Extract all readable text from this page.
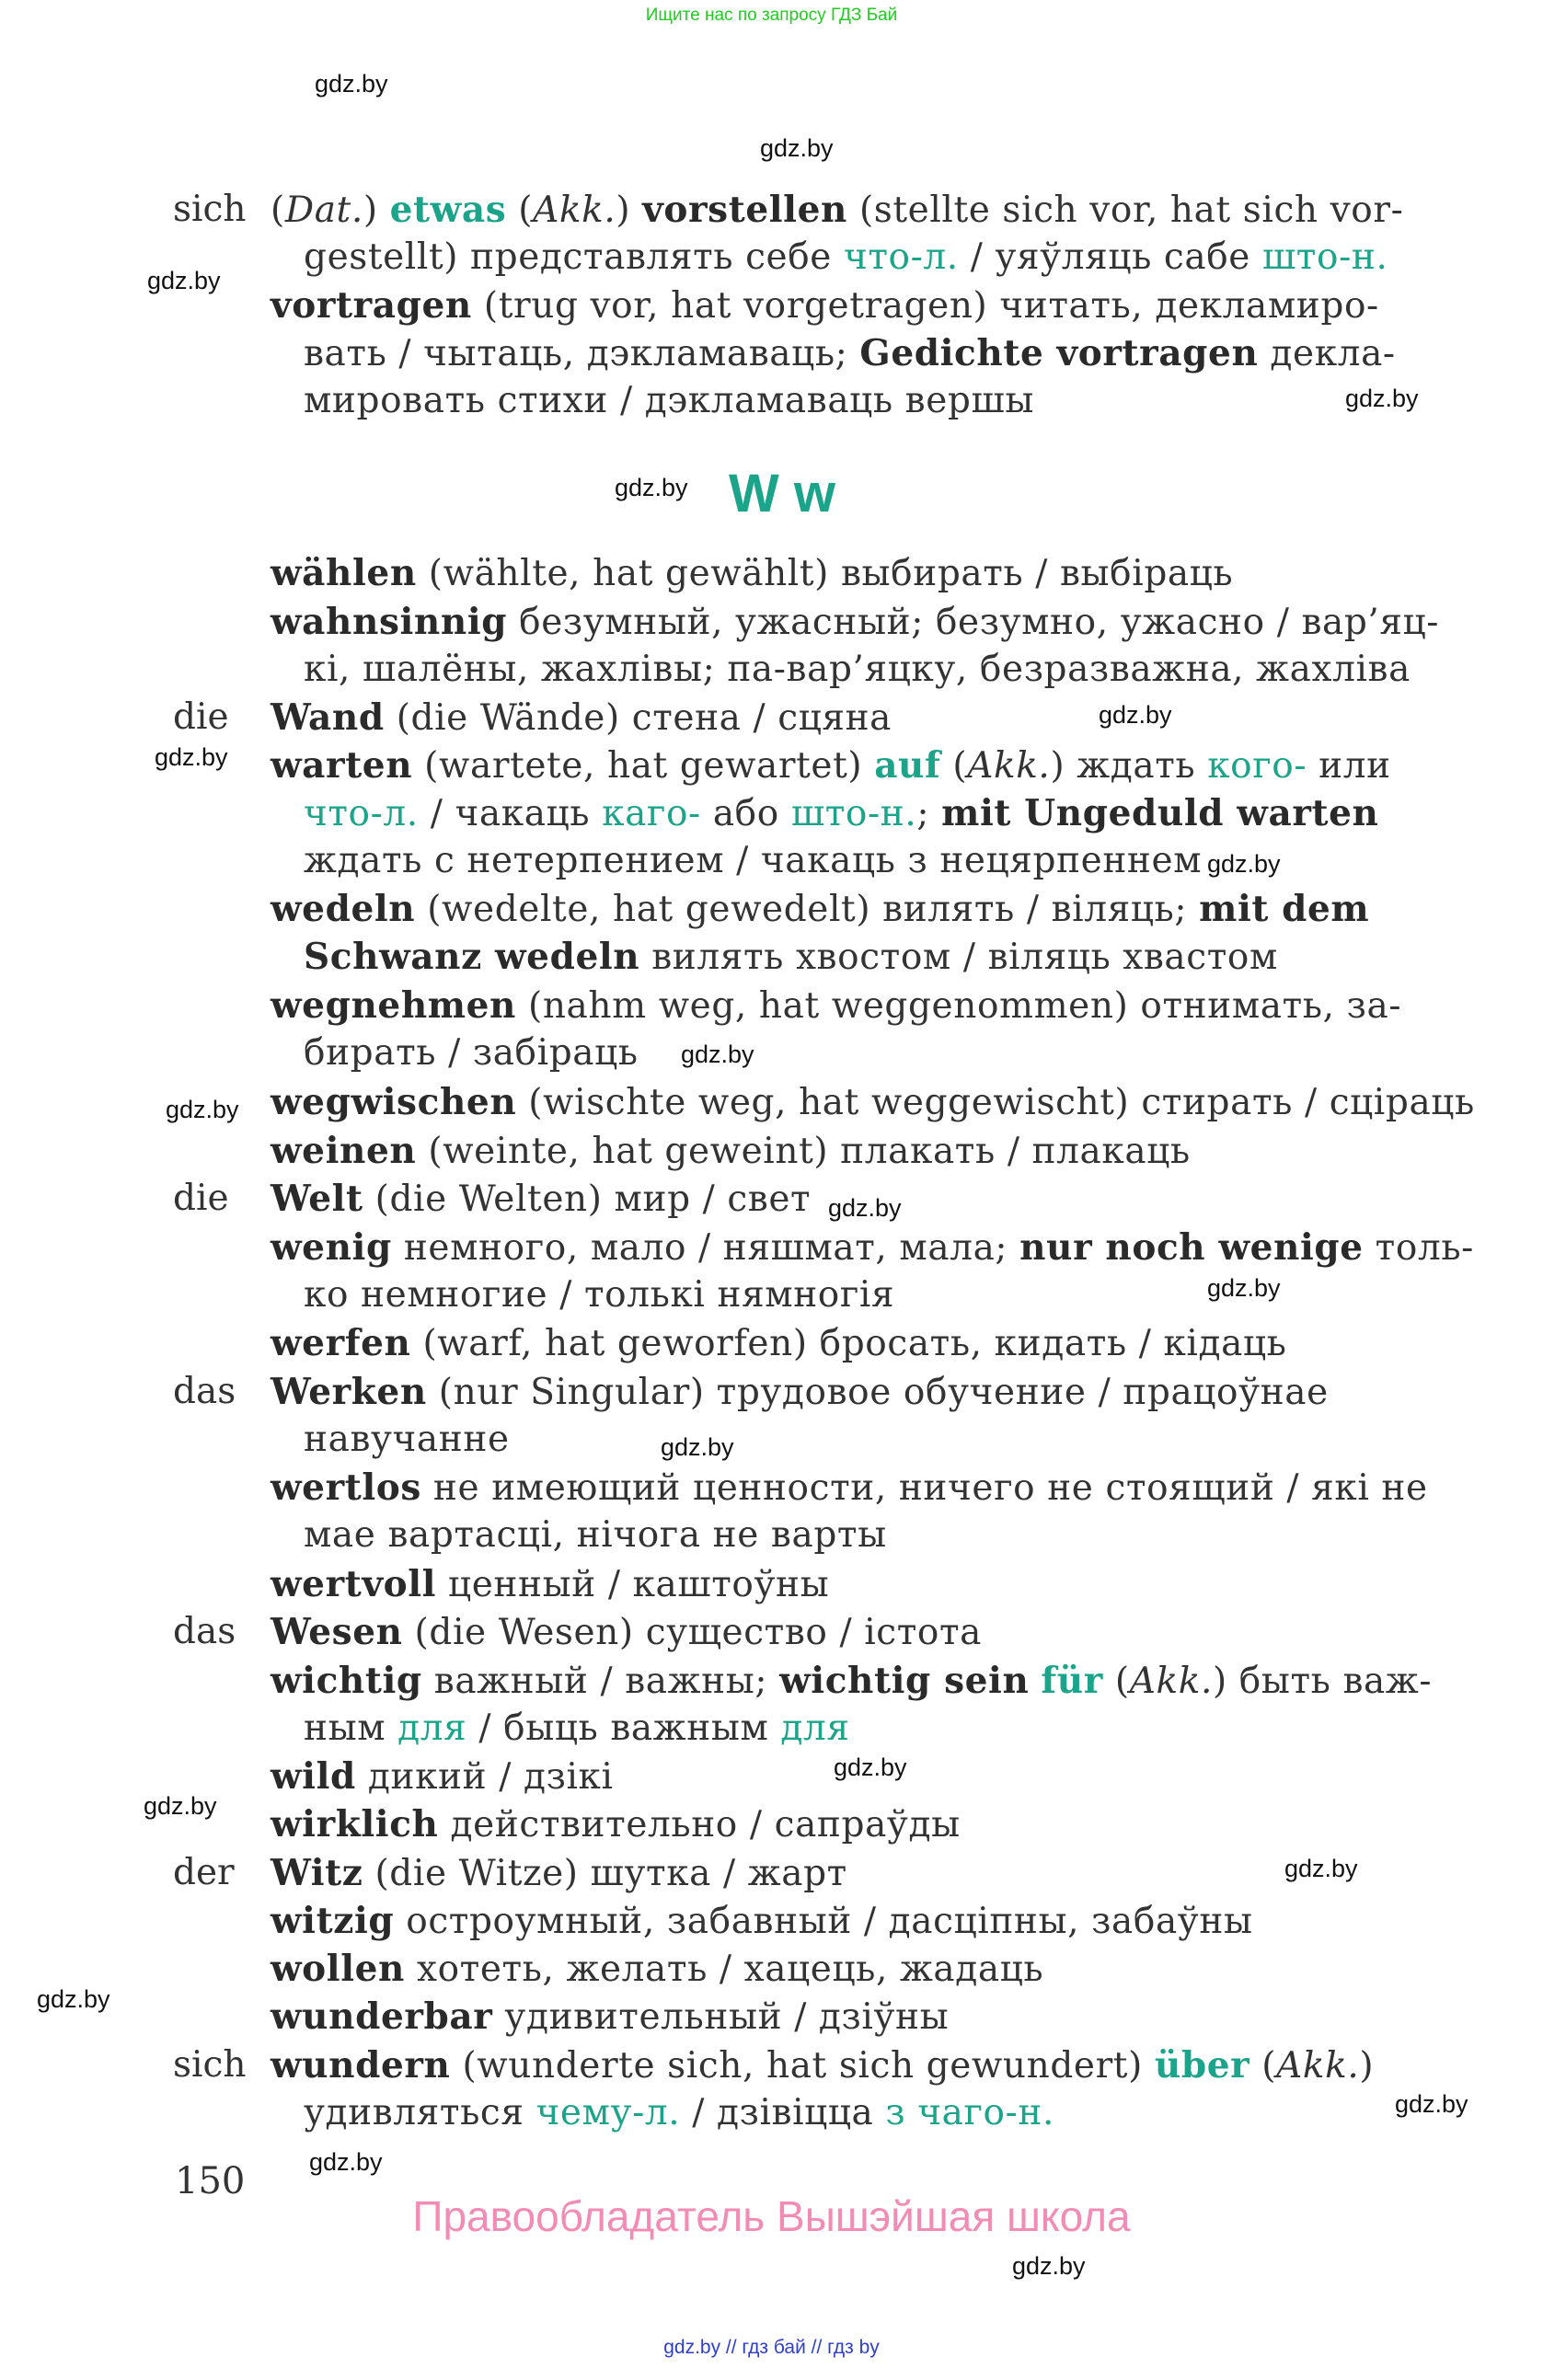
Ищите нас по запросу ГДЗ Бай
gdz.by
gdz.by
gdz.by
gdz.by
gdz.by
gdz.by
gdz.by
gdz.by
gdz.by
gdz.by
gdz.by
gdz.by
gdz.by
gdz.by
gdz.by
gdz.by
gdz.by
gdz.by
gdz.by
gdz.by
W w
sich (Dat.) etwas (Akk.) vorstellen (stellte sich vor, hat sich vor-
gestellt) представлять себе что-л. / уяўляць сабе што-н.
vortragen (trug vor, hat vorgetragen) читать, декламиро-
вать / чытаць, дэкламаваць; Gedichte vortragen декла-
мировать стихи / дэкламаваць вершы
wählen (wählte, hat gewählt) выбирать / выбіраць
wahnsinnig безумный, ужасный; безумно, ужасно / вар’яц-
кі, шалёны, жахлівы; па-вар’яцку, безразважна, жахліва
die Wand (die Wände) стена / сцяна
warten (wartete, hat gewartet) auf (Akk.) ждать кого- или
что-л. / чакаць каго- або што-н.; mit Ungeduld warten
ждать с нетерпением / чакаць з нецярпеннем
wedeln (wedelte, hat gewedelt) вилять / віляць; mit dem
Schwanz wedeln вилять хвостом / віляць хвастом
wegnehmen (nahm weg, hat weggenommen) отнимать, за-
бирать / забіраць
wegwischen (wischte weg, hat weggewischt) стирать / сціраць
weinen (weinte, hat geweint) плакать / плакаць
die Welt (die Welten) мир / свет
wenig немного, мало / няшмат, мала; nur noch wenige толь-
ко немногие / толькі нямногія
werfen (warf, hat geworfen) бросать, кидать / кідаць
das Werken (nur Singular) трудовое обучение / працоўнае
навучанне
wertlos не имеющий ценности, ничего не стоящий / які не
мае вартасці, нічога не варты
wertvoll ценный / каштоўны
das Wesen (die Wesen) существо / істота
wichtig важный / важны; wichtig sein für (Akk.) быть важ-
ным для / быць важным для
wild дикий / дзікі
wirklich действительно / сапраўды
der Witz (die Witze) шутка / жарт
witzig остроумный, забавный / дасціпны, забаўны
wollen хотеть, желать / хацець, жадаць
wunderbar удивительный / дзіўны
sich wundern (wunderte sich, hat sich gewundert) über (Akk.)
удивляться чему-л. / дзівіцца з чаго-н.
150
Правообладатель Вышэйшая школа
gdz.by // гдз бай // гдз by
